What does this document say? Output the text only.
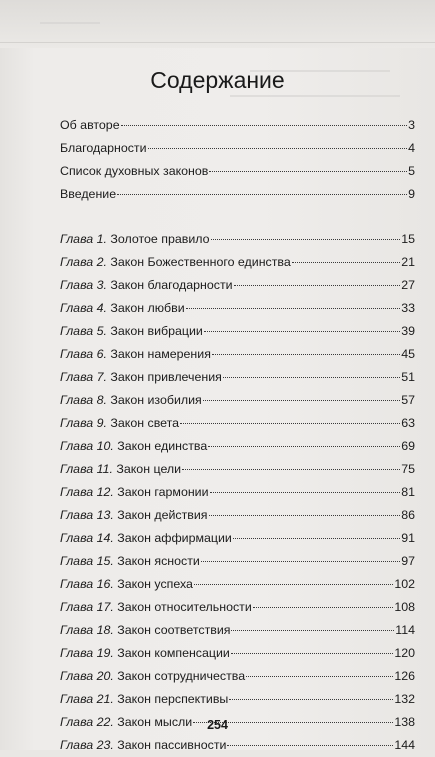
Содержание
Об авторе	3
Благодарности	4
Список духовных законов	5
Введение	9
Глава 1. Золотое правило	15
Глава 2. Закон Божественного единства	21
Глава 3. Закон благодарности	27
Глава 4. Закон любви	33
Глава 5. Закон вибрации	39
Глава 6. Закон намерения	45
Глава 7. Закон привлечения	51
Глава 8. Закон изобилия	57
Глава 9. Закон света	63
Глава 10. Закон единства	69
Глава 11. Закон цели	75
Глава 12. Закон гармонии	81
Глава 13. Закон действия	86
Глава 14. Закон аффирмации	91
Глава 15. Закон ясности	97
Глава 16. Закон успеха	102
Глава 17. Закон относительности	108
Глава 18. Закон соответствия	114
Глава 19. Закон компенсации	120
Глава 20. Закон сотрудничества	126
Глава 21. Закон перспективы	132
Глава 22. Закон мысли	138
Глава 23. Закон пассивности	144
254
